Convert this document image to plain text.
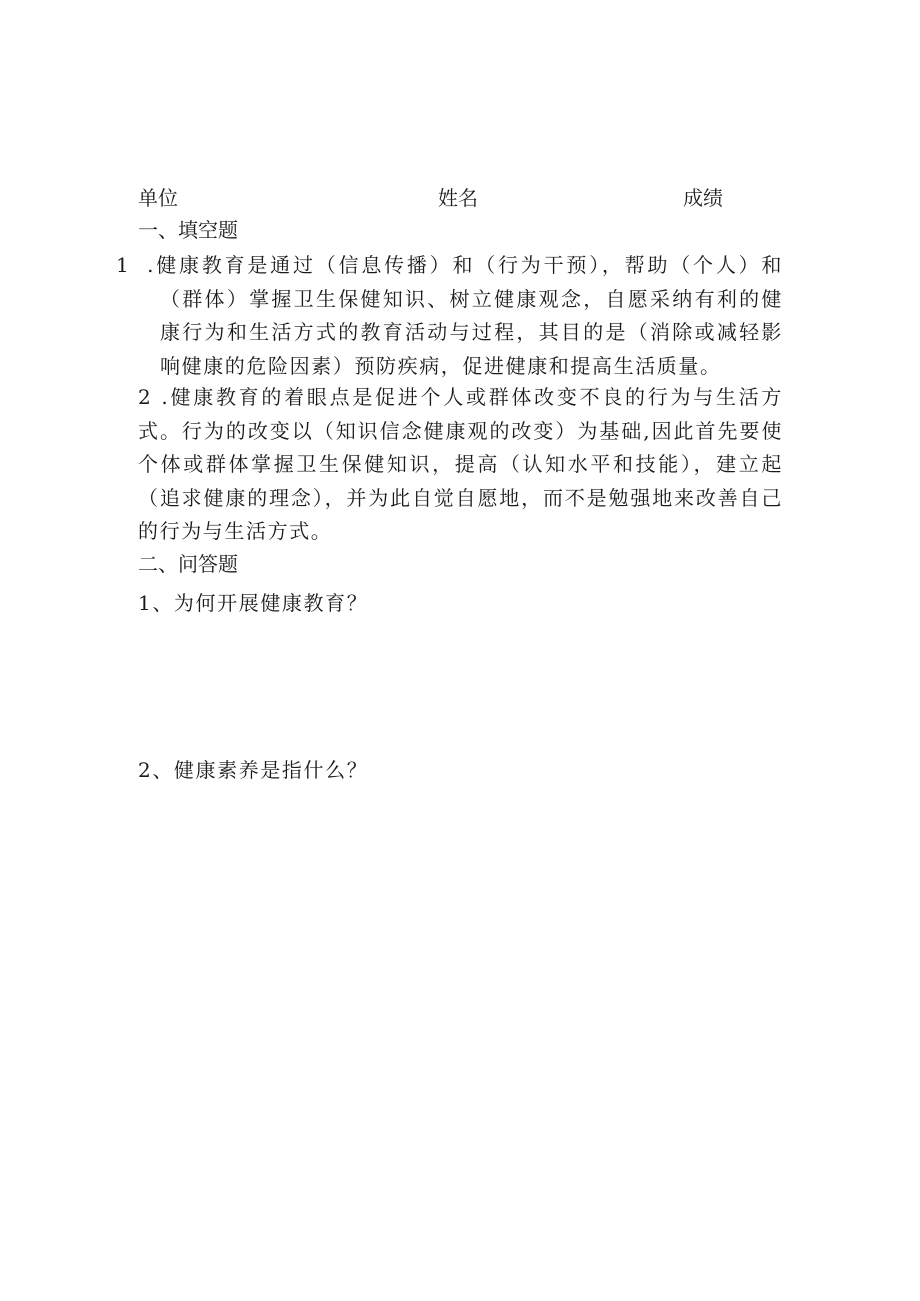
单位	姓名	成绩
一、填空题
1 .健康教育是通过（信息传播）和（行为干预），帮助（个人）和（群体）掌握卫生保健知识、树立健康观念，自愿采纳有利的健康行为和生活方式的教育活动与过程，其目的是（消除或减轻影响健康的危险因素）预防疾病，促进健康和提高生活质量。
2 .健康教育的着眼点是促进个人或群体改变不良的行为与生活方式。行为的改变以（知识信念健康观的改变）为基础,因此首先要使个体或群体掌握卫生保健知识，提高（认知水平和技能），建立起（追求健康的理念），并为此自觉自愿地，而不是勉强地来改善自己的行为与生活方式。
二、问答题
1、为何开展健康教育？
2、健康素养是指什么？
